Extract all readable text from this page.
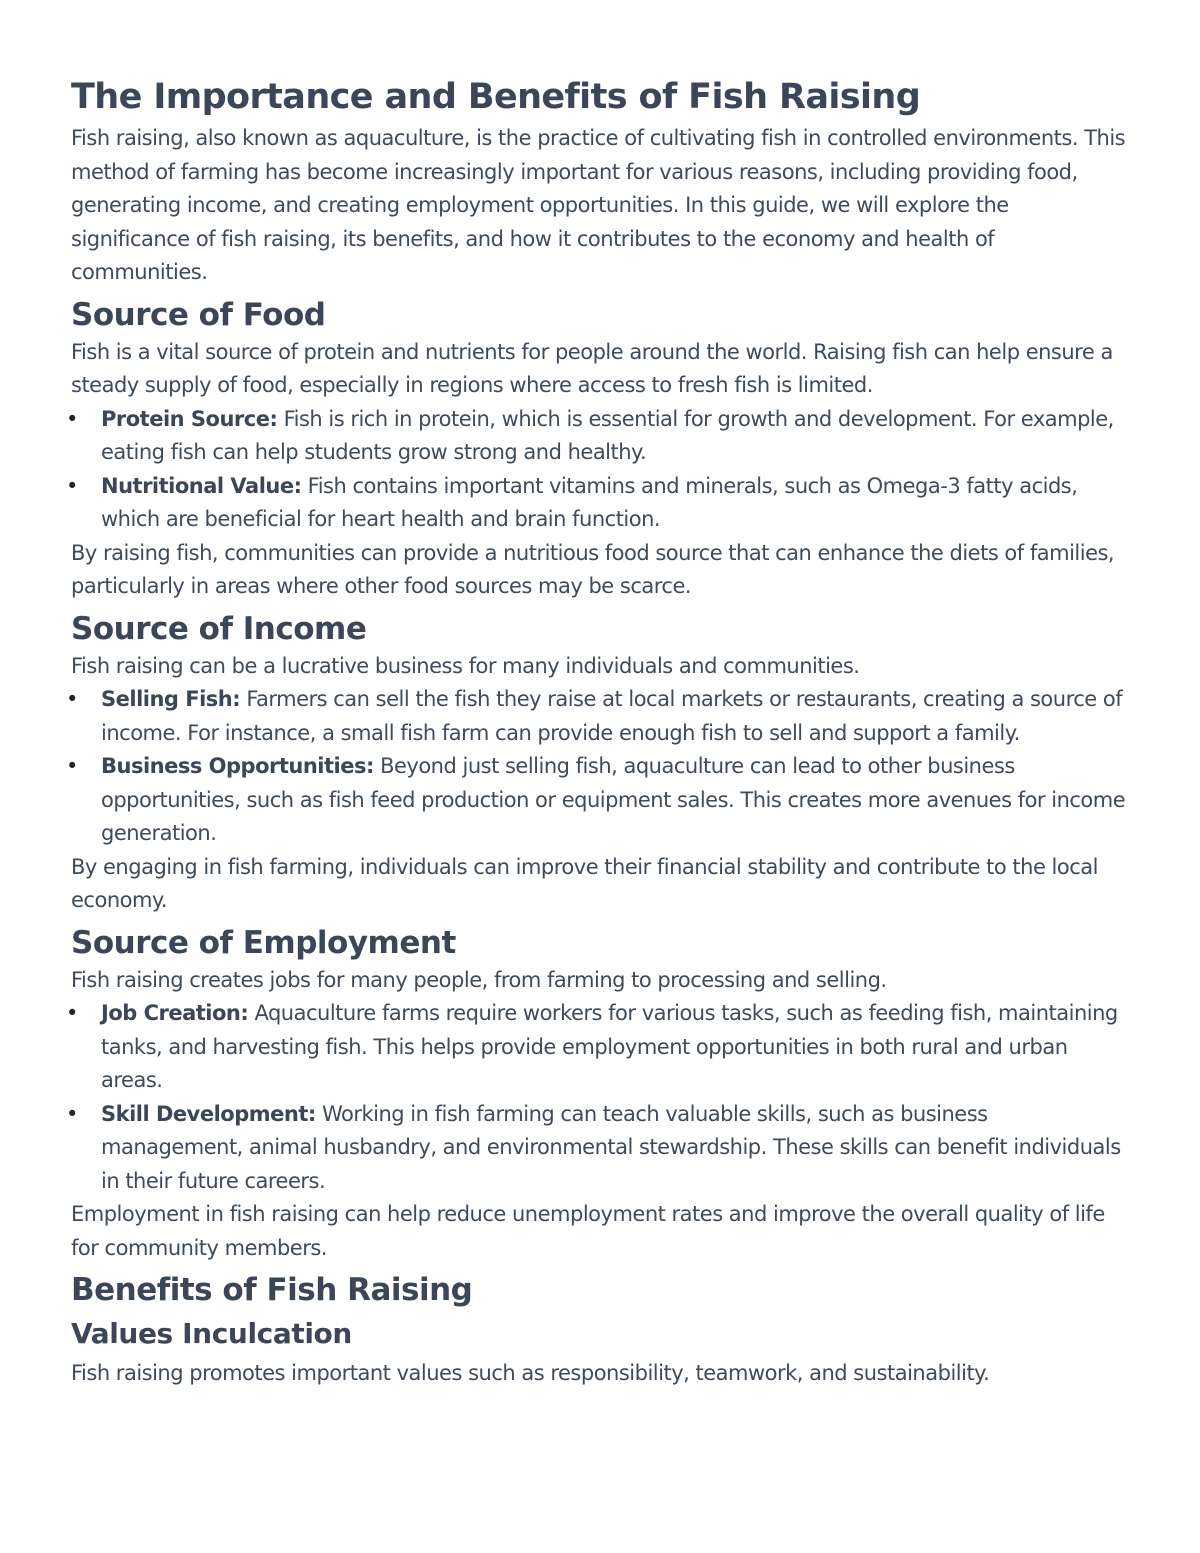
The Importance and Benefits of Fish Raising

Fish raising, also known as aquaculture, is the practice of cultivating fish in controlled environments. This method of farming has become increasingly important for various reasons, including providing food, generating income, and creating employment opportunities. In this guide, we will explore the significance of fish raising, its benefits, and how it contributes to the economy and health of communities.

Source of Food

Fish is a vital source of protein and nutrients for people around the world. Raising fish can help ensure a steady supply of food, especially in regions where access to fresh fish is limited.

• Protein Source: Fish is rich in protein, which is essential for growth and development. For example, eating fish can help students grow strong and healthy.
• Nutritional Value: Fish contains important vitamins and minerals, such as Omega-3 fatty acids, which are beneficial for heart health and brain function.

By raising fish, communities can provide a nutritious food source that can enhance the diets of families, particularly in areas where other food sources may be scarce.

Source of Income

Fish raising can be a lucrative business for many individuals and communities.

• Selling Fish: Farmers can sell the fish they raise at local markets or restaurants, creating a source of income. For instance, a small fish farm can provide enough fish to sell and support a family.
• Business Opportunities: Beyond just selling fish, aquaculture can lead to other business opportunities, such as fish feed production or equipment sales. This creates more avenues for income generation.

By engaging in fish farming, individuals can improve their financial stability and contribute to the local economy.

Source of Employment

Fish raising creates jobs for many people, from farming to processing and selling.

• Job Creation: Aquaculture farms require workers for various tasks, such as feeding fish, maintaining tanks, and harvesting fish. This helps provide employment opportunities in both rural and urban areas.
• Skill Development: Working in fish farming can teach valuable skills, such as business management, animal husbandry, and environmental stewardship. These skills can benefit individuals in their future careers.

Employment in fish raising can help reduce unemployment rates and improve the overall quality of life for community members.

Benefits of Fish Raising
Values Inculcation

Fish raising promotes important values such as responsibility, teamwork, and sustainability.
